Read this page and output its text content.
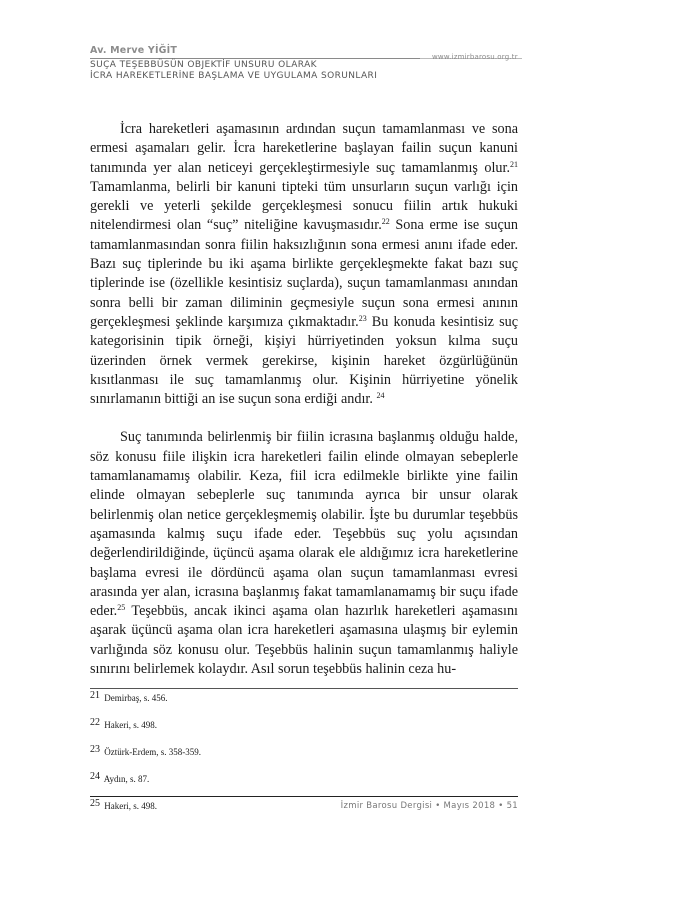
Av. Merve YİĞİT
www.izmirbarosu.org.tr
SUÇA TEŞEBBÜSÜN OBJEKTİF UNSURU OLARAK
İCRA HAREKETLERİNE BAŞLAMA VE UYGULAMA SORUNLARI

İcra hareketleri aşamasının ardından suçun tamamlanması ve sona ermesi aşamaları gelir. İcra hareketlerine başlayan failin suçun kanuni tanımında yer alan neticeyi gerçekleştirmesiyle suç tamamlanmış olur.$^{21}$ Tamamlanma, belirli bir kanuni tipteki tüm unsurların suçun varlığı için gerekli ve yeterli şekilde gerçekleşmesi sonucu fiilin artık hukuki nitelendirmesi olan “suç” niteliğine kavuşmasıdır.$^{22}$ Sona erme ise suçun tamamlanmasından sonra fiilin haksızlığının sona ermesi anını ifade eder. Bazı suç tiplerinde bu iki aşama birlikte gerçekleşmekte fakat bazı suç tiplerinde ise (özellikle kesintisiz suçlarda), suçun tamamlanması anından sonra belli bir zaman diliminin geçmesiyle suçun sona ermesi anının gerçekleşmesi şeklinde karşımıza çıkmaktadır.$^{23}$ Bu konuda kesintisiz suç kategorisinin tipik örneği, kişiyi hürriyetinden yoksun kılma suçu üzerinden örnek vermek gerekirse, kişinin hareket özgürlüğünün kısıtlanması ile suç tamamlanmış olur. Kişinin hürriyetine yönelik sınırlamanın bittiği an ise suçun sona erdiği andır. $^{24}$

Suç tanımında belirlenmiş bir fiilin icrasına başlanmış olduğu halde, söz konusu fiile ilişkin icra hareketleri failin elinde olmayan sebeplerle tamamlanamamış olabilir. Keza, fiil icra edilmekle birlikte yine failin elinde olmayan sebeplerle suç tanımında ayrıca bir unsur olarak belirlenmiş olan netice gerçekleşmemiş olabilir. İşte bu durumlar teşebbüs aşamasında kalmış suçu ifade eder. Teşebbüs suç yolu açısından değerlendirildiğinde, üçüncü aşama olarak ele aldığımız icra hareketlerine başlama evresi ile dördüncü aşama olan suçun tamamlanması evresi arasında yer alan, icrasına başlanmış fakat tamamlanamamış bir suçu ifade eder.$^{25}$ Teşebbüs, ancak ikinci aşama olan hazırlık hareketleri aşamasını aşarak üçüncü aşama olan icra hareketleri aşamasına ulaşmış bir eylemin varlığında söz konusu olur. Teşebbüs halinin suçun tamamlanmış haliyle sınırını belirlemek kolaydır. Asıl sorun teşebbüs halinin ceza hu-

21 Demirbaş, s. 456.

22 Hakeri, s. 498.

23 Öztürk-Erdem, s. 358-359.

24 Aydın, s. 87.

25 Hakeri, s. 498.	İzmir Barosu Dergisi • Mayıs 2018 • 51
